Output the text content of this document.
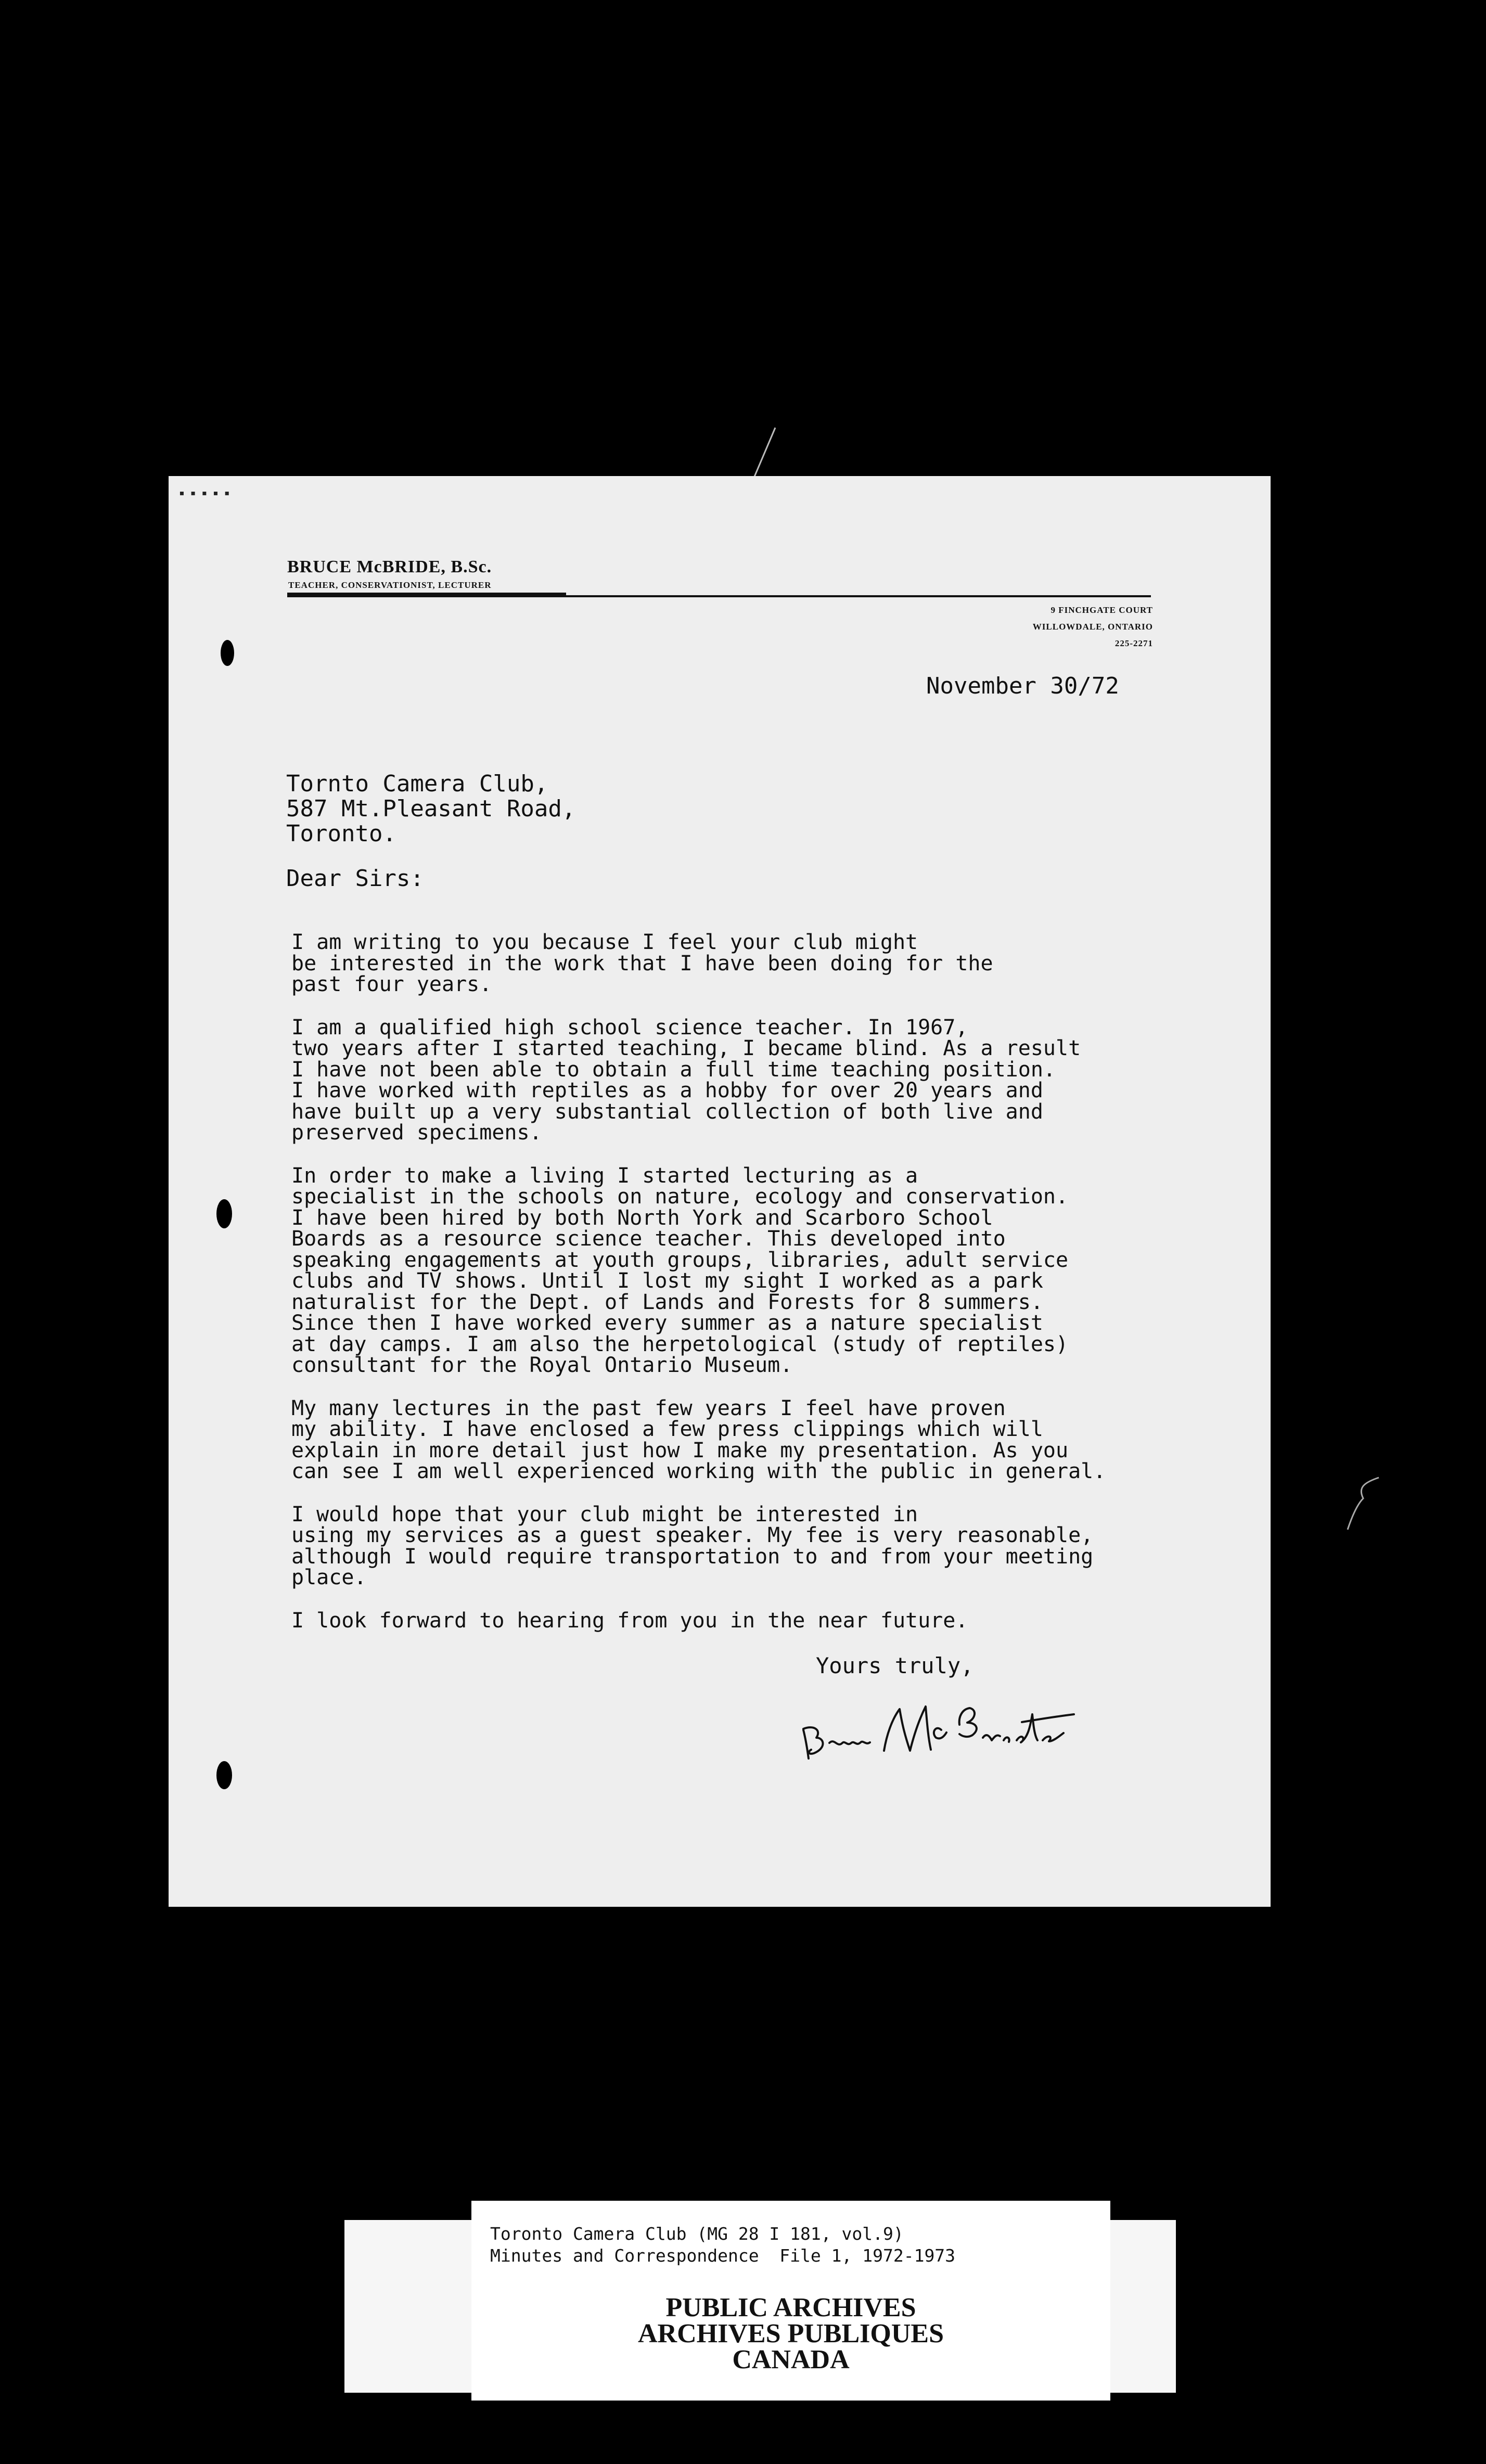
▪ ▪ ▪ ▪ ▪
BRUCE McBRIDE, B.Sc.
TEACHER, CONSERVATIONIST, LECTURER
9 FINCHGATE COURT
WILLOWDALE, ONTARIO
225-2271
November 30/72
Tornto Camera Club,
587 Mt.Pleasant Road,
Toronto.
Dear Sirs:

I am writing to you because I feel your club might
be interested in the work that I have been doing for the
past four years.

I am a qualified high school science teacher. In 1967,
two years after I started teaching, I became blind. As a result
I have not been able to obtain a full time teaching position.
I have worked with reptiles as a hobby for over 20 years and
have built up a very substantial collection of both live and
preserved specimens.

In order to make a living I started lecturing as a
specialist in the schools on nature, ecology and conservation.
I have been hired by both North York and Scarboro School
Boards as a resource science teacher. This developed into
speaking engagements at youth groups, libraries, adult service
clubs and TV shows. Until I lost my sight I worked as a park
naturalist for the Dept. of Lands and Forests for 8 summers.
Since then I have worked every summer as a nature specialist
at day camps. I am also the herpetological (study of reptiles)
consultant for the Royal Ontario Museum.

My many lectures in the past few years I feel have proven
my ability. I have enclosed a few press clippings which will
explain in more detail just how I make my presentation. As you
can see I am well experienced working with the public in general.

I would hope that your club might be interested in
using my services as a guest speaker. My fee is very reasonable,
although I would require transportation to and from your meeting
place.

I look forward to hearing from you in the near future.

Yours truly,
Toronto Camera Club (MG 28 I 181, vol.9)
Minutes and Correspondence  File 1, 1972-1973
PUBLIC ARCHIVES
ARCHIVES PUBLIQUES
CANADA
